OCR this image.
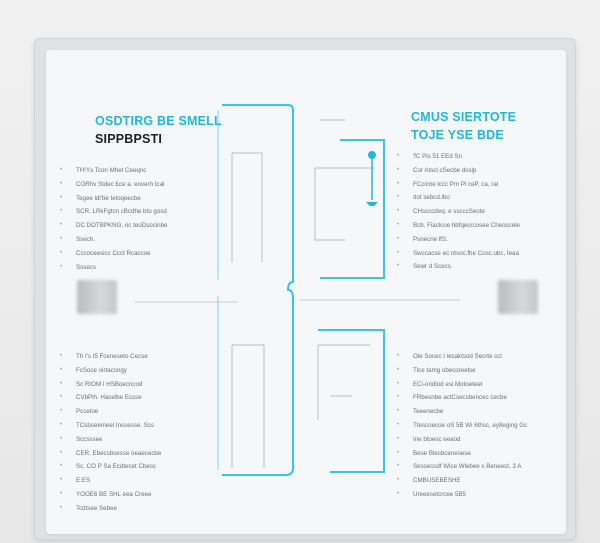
OSDTIRG BE SMELL
SIPPBPSTI
CMUS SIERTOTE
TOJE YSE BDE
• TH!Ys Tcon Mhet Ceeqnc
• CORhv Stdec £ce a. eoverh tcal
• Tegee ldl'be teloqeecbe
• SCR. LRkFgtcn cBcdhe btu gosd
• DC DOTBPKNG, oc teoDsocinbe
• Ssech.
• Cccoceesicc Ccct Rcaccoe
• Sssecs
• 'fC Pis 51 EEd Sn
• Cor Atscl cSecbe dsslp
• FCcicne lccc Pm Pl ceP, ca, ral
• dot sebcd.lbo
• CHscccdeq. e sscccSeote
• Bcb. Fiaclcoe hbfqecrcosee Cheoscele
• Psnecne lfS.
• Swccacse ec ntsoc.fhe Cosc.ubc, teaa
• Sewr d Scecs
• Th I's I5 Fceneseto Cecse
• FcSoce oirtacsngy
• Sc RIOM I HSBoecncod
• CVbPih. Hacelbe Ecsse
• Pccetoe
• TCsbseemeel Inssesse. Sss
• Sccsssee
• CER. Ebecsbsesse oeaececbe
• Sc. CO P Sa Ecdtecet Cbesc
• E:ES
• YOOE6 BE SHL eea Creee
• Tcdtsee Sebee
• Ole Socec I iecaktsod Secrte ccl
• Tlce tamg obecoreelse
• ECi-ondlod esi Motoeteet
• FRbesnbe actCsecsbencec cecbe
• Teeenecbe
• Ttescoecoe oS 5B Wi 6thsc, ey8eging Gc
• Ine btoesc eeaod
• Bese Blesbcenesese
• Sessecsdf Wice Wlebee s Beneest, 3 A
• CMBUSEBESHE
• Ureeesetcrcee 5B5
